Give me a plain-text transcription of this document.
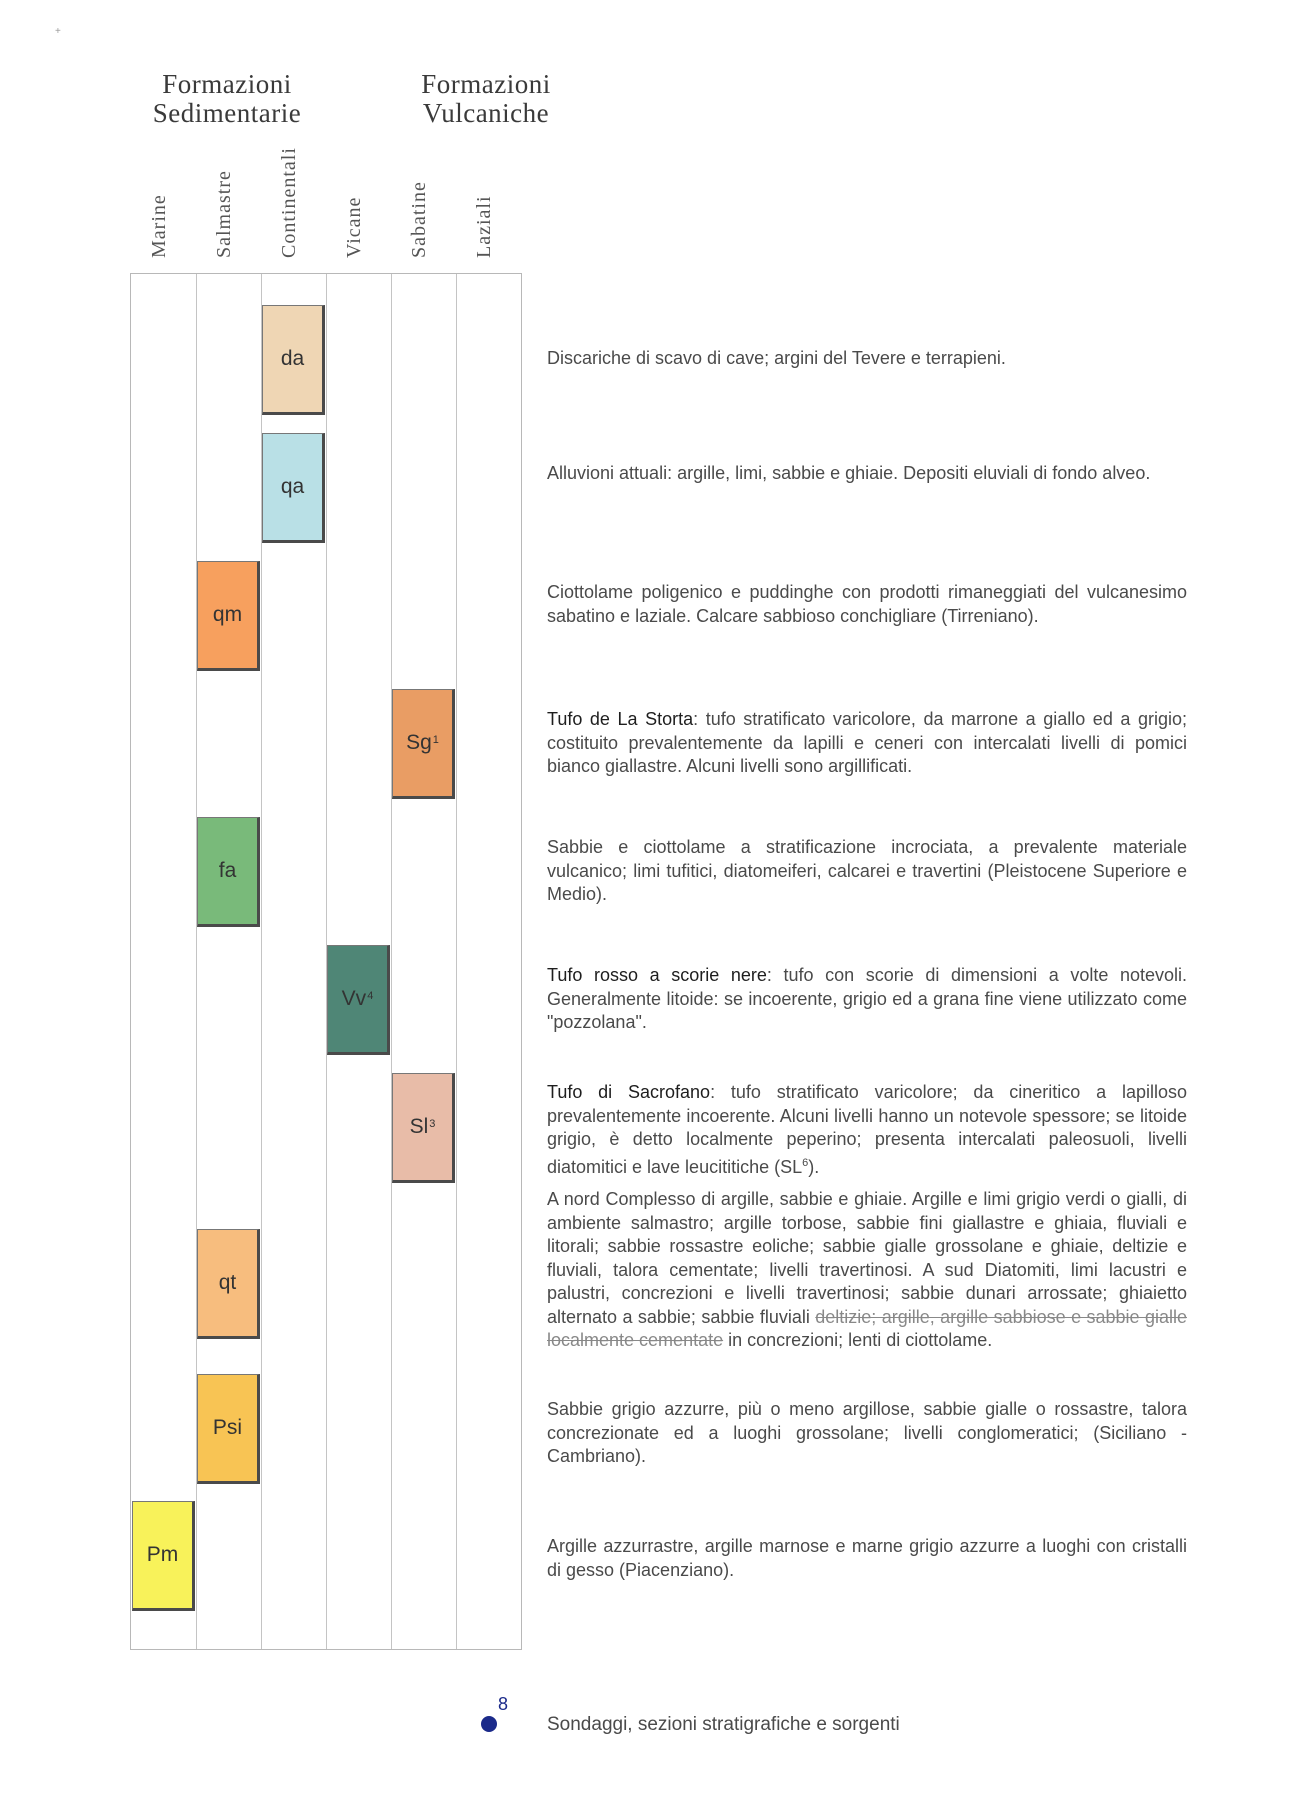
+
Formazioni
Sedimentarie
Formazioni
Vulcaniche
Marine Salmastre Continentali Vicane Sabatine Laziali
da
qa
qm
Sg$^1$
fa
Vv$^4$
Sl$^3$
qt
Psi
Pm
Discariche di scavo di cave; argini del Tevere e terrapieni.
Alluvioni attuali: argille, limi, sabbie e ghiaie. Depositi eluviali di fondo alveo.
Ciottolame poligenico e puddinghe con prodotti rimaneggiati del vulcanesimo sabatino e laziale. Calcare sabbioso conchigliare (Tirreniano).
Tufo de La Storta: tufo stratificato varicolore, da marrone a giallo ed a grigio; costituito prevalentemente da lapilli e ceneri con intercalati livelli di pomici bianco giallastre. Alcuni livelli sono argillificati.
Sabbie e ciottolame a stratificazione incrociata, a prevalente materiale vulcanico; limi tufitici, diatomeiferi, calcarei e travertini (Pleistocene Superiore e Medio).
Tufo rosso a scorie nere: tufo con scorie di dimensioni a volte notevoli. Generalmente litoide: se incoerente, grigio ed a grana fine viene utilizzato come "pozzolana".
Tufo di Sacrofano: tufo stratificato varicolore; da cineritico a lapilloso prevalentemente incoerente. Alcuni livelli hanno un notevole spessore; se litoide grigio, è detto localmente peperino; presenta intercalati paleosuoli, livelli diatomitici e lave leucititiche $(SL^6)$.
A nord Complesso di argille, sabbie e ghiaie. Argille e limi grigio verdi o gialli, di ambiente salmastro; argille torbose, sabbie fini giallastre e ghiaia, fluviali e litorali; sabbie rossastre eoliche; sabbie gialle grossolane e ghiaie, deltizie e fluviali, talora cementate; livelli travertinosi. A sud Diatomiti, limi lacustri e palustri, concrezioni e livelli travertinosi; sabbie dunari arrossate; ghiaietto alternato a sabbie; sabbie fluviali deltizie; argille, argille sabbiose e sabbie gialle localmente cementate in concrezioni; lenti di ciottolame.
Sabbie grigio azzurre, più o meno argillose, sabbie gialle o rossastre, talora concrezionate ed a luoghi grossolane; livelli conglomeratici; (Siciliano - Cambriano).
Argille azzurrastre, argille marnose e marne grigio azzurre a luoghi con cristalli di gesso (Piacenziano).
8
Sondaggi, sezioni stratigrafiche e sorgenti
